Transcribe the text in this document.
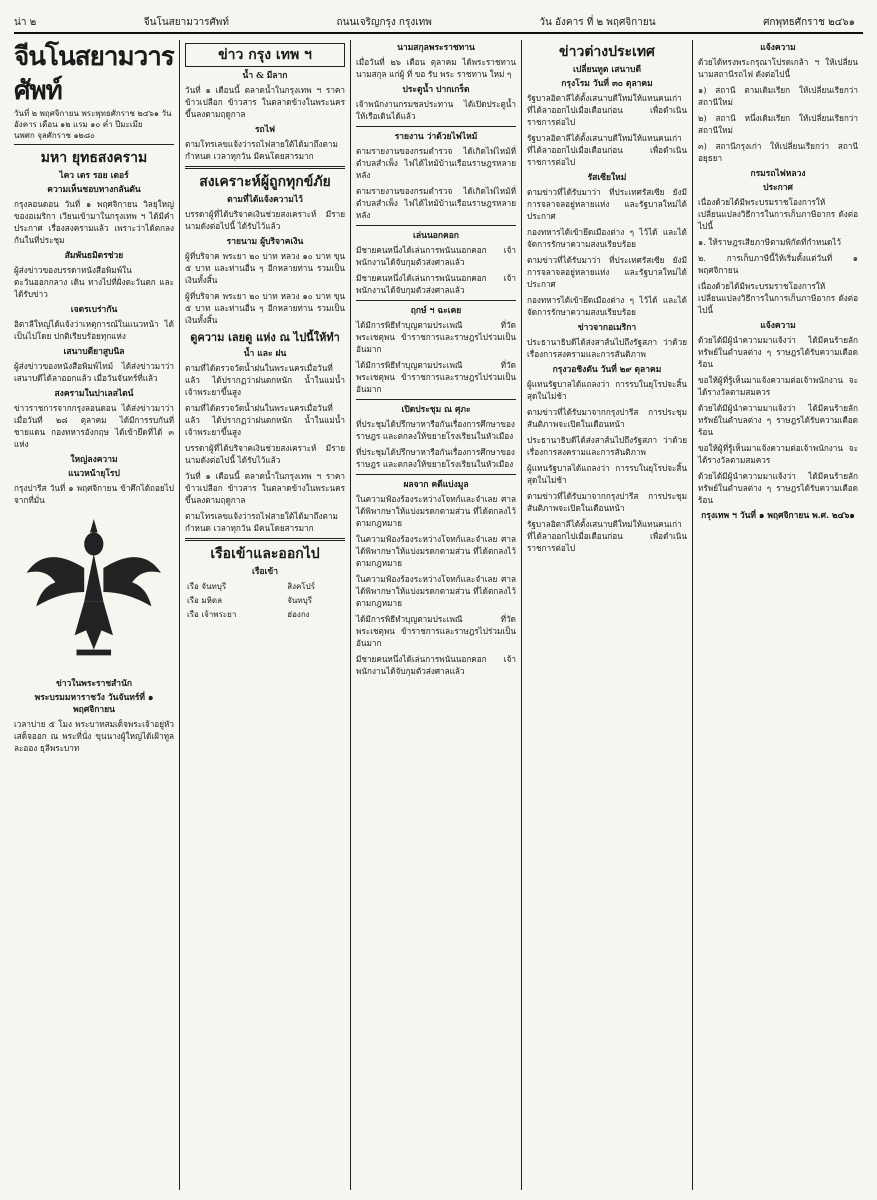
น่า ๒	จีนโนสยามวารศัพท์	ถนนเจริญกรุง กรุงเทพ	วัน อังคาร ที่ ๒ พฤศจิกายน	ศกพุทธศักราช ๒๔๖๑
จีนโนสยามวารศัพท์
วันที่ ๒ พฤศจิกายน พระพุทธศักราช ๒๔๖๑ วัน อังคาร เดือน ๑๒ แรม ๑๐ ค่ำ ปีมะเมีย
นพศก จุลศักราช ๑๒๘๐
มหา ยุทธสงคราม
ไคว เตร รอย เตอร์
ความเห็นชอบทางกลันตัน

กรุงลอนดอน วันที่ ๑ พฤศจิกายน วิลยุใหญ่ของอเมริกา เวียนเข้ามาในกรุงเทพ ฯ ได้มีคำประกาศ เรื่องสงครามแล้ว เพราะว่าได้ตกลงกันในที่ประชุม

สัมพันธมิตรช่วย

ผู้ส่งข่าวของบรรดาหนังสือพิมพ์ในตะวันออกกลาง เดิน ทางไปที่ฝั่งตะวันตก และได้รับข่าว

เจดรเบร่ากัน

อิตาลีใหญ่ได้แจ้งว่าเหตุการณ์ในแนวหน้า ได้เป็นไปโดย ปกติเรียบร้อยทุกแห่ง

เสนาบดียาสูบนิล

ผู้ส่งข่าวของหนังสือพิมพ์ไทม์ ได้ส่งข่าวมาว่า เสนาบดีได้ลาออกแล้ว เมื่อวันจันทร์ที่แล้ว

สงครามในปาเลสไตน์

ข่าวราชการจากกรุงลอนดอน ได้ส่งข่าวมาว่า เมื่อวันที่ ๒๘ ตุลาคม ได้มีการรบกันที่ ชายแดน กองทหารอังกฤษ ได้เข้ายึดที่ได้ ๓ แห่ง

ใหญ่ลงความ
แนวหน้ายุโรป

กรุงปารีส วันที่ ๑ พฤศจิกายน ข้าศึกได้ถอยไปจากที่มั่น

ข่าวในพระราชสำนัก
พระบรมมหาราชวัง วันจันทร์ที่ ๑ พฤศจิกายน

เวลาบ่าย ๕ โมง พระบาทสมเด็จพระเจ้าอยู่หัว เสด็จออก ณ พระที่นั่ง ขุนนางผู้ใหญ่ได้เฝ้าทูลละออง ธุลีพระบาท

ข่าว กรุง เทพ ฯ
น้ำ & มีลาก

วันที่ ๑ เดือนนี้ ตลาดน้ำในกรุงเทพ ฯ ราคาข้าวเปลือก ข้าวสาร ในตลาดข้างในพระนคร ขึ้นลงตามฤดูกาล

รถไฟ

ตามโทรเลขแจ้งว่ารถไฟสายใต้ได้มาถึงตามกำหนด เวลาทุกวัน มีคนโดยสารมาก

สงเคราะห์ผู้ถูกทุกข์ภัย
ตามที่ได้แจ้งความไว้

บรรดาผู้ที่ได้บริจาคเงินช่วยสงเคราะห์ มีรายนามดังต่อไปนี้ ได้รับไว้แล้ว

รายนาม ผู้บริจาคเงิน

ผู้ที่บริจาค พระยา ๒๐ บาท หลวง ๑๐ บาท ขุน ๕ บาท และท่านอื่น ๆ อีกหลายท่าน รวมเป็นเงินทั้งสิ้น

ผู้ที่บริจาค พระยา ๒๐ บาท หลวง ๑๐ บาท ขุน ๕ บาท และท่านอื่น ๆ อีกหลายท่าน รวมเป็นเงินทั้งสิ้น

ดูความ เลยดู แห่ง ณ ไปนี้ให้ทำ
น้ำ และ ฝน

ตามที่ได้ตรวจวัดน้ำฝนในพระนครเมื่อวันที่แล้ว ได้ปรากฏว่าฝนตกหนัก น้ำในแม่น้ำเจ้าพระยาขึ้นสูง

ตามที่ได้ตรวจวัดน้ำฝนในพระนครเมื่อวันที่แล้ว ได้ปรากฏว่าฝนตกหนัก น้ำในแม่น้ำเจ้าพระยาขึ้นสูง

บรรดาผู้ที่ได้บริจาคเงินช่วยสงเคราะห์ มีรายนามดังต่อไปนี้ ได้รับไว้แล้ว

วันที่ ๑ เดือนนี้ ตลาดน้ำในกรุงเทพ ฯ ราคาข้าวเปลือก ข้าวสาร ในตลาดข้างในพระนคร ขึ้นลงตามฤดูกาล

ตามโทรเลขแจ้งว่ารถไฟสายใต้ได้มาถึงตามกำหนด เวลาทุกวัน มีคนโดยสารมาก

เรือเข้าและออกไป
เรือเข้า
เรือ จันทบุรี	สิงคโปร์
เรือ มหิดล	จันทบุรี
เรือ เจ้าพระยา	ฮ่องกง
นามสกุลพระราชทาน

เมื่อวันที่ ๒๖ เดือน ตุลาคม ได้พระราชทาน นามสกุล แก่ผู้ ที่ ขอ รับ พระ ราชทาน ใหม่ ๆ

ประตูน้ำ ปากเกร็ด

เจ้าพนักงานกรมชลประทาน ได้เปิดประตูน้ำให้เรือเดินได้แล้ว

รายงาน ว่าด้วยไฟไหม้

ตามรายงานของกรมตำรวจ ได้เกิดไฟไหม้ที่ตำบลสำเพ็ง ไฟได้ไหม้บ้านเรือนราษฎรหลายหลัง

ตามรายงานของกรมตำรวจ ได้เกิดไฟไหม้ที่ตำบลสำเพ็ง ไฟได้ไหม้บ้านเรือนราษฎรหลายหลัง

เล่นนอกคอก

มีชายคนหนึ่งได้เล่นการพนันนอกคอก เจ้าพนักงานได้จับกุมตัวส่งศาลแล้ว

มีชายคนหนึ่งได้เล่นการพนันนอกคอก เจ้าพนักงานได้จับกุมตัวส่งศาลแล้ว

ฤกษ์ ฯ ฉะเคย

ได้มีการพิธีทำบุญตามประเพณี ที่วัดพระเชตุพน ข้าราชการและราษฎรไปร่วมเป็นอันมาก

ได้มีการพิธีทำบุญตามประเพณี ที่วัดพระเชตุพน ข้าราชการและราษฎรไปร่วมเป็นอันมาก

เปิดประชุม ณ ศุภะ

ที่ประชุมได้ปรึกษาหารือกันเรื่องการศึกษาของราษฎร และตกลงให้ขยายโรงเรียนในหัวเมือง

ที่ประชุมได้ปรึกษาหารือกันเรื่องการศึกษาของราษฎร และตกลงให้ขยายโรงเรียนในหัวเมือง

ผลจาก คดีแบ่งมูล

ในความฟ้องร้องระหว่างโจทก์และจำเลย ศาลได้พิพากษาให้แบ่งมรดกตามส่วน ที่ได้ตกลงไว้ ตามกฎหมาย

ในความฟ้องร้องระหว่างโจทก์และจำเลย ศาลได้พิพากษาให้แบ่งมรดกตามส่วน ที่ได้ตกลงไว้ ตามกฎหมาย

ในความฟ้องร้องระหว่างโจทก์และจำเลย ศาลได้พิพากษาให้แบ่งมรดกตามส่วน ที่ได้ตกลงไว้ ตามกฎหมาย

ได้มีการพิธีทำบุญตามประเพณี ที่วัดพระเชตุพน ข้าราชการและราษฎรไปร่วมเป็นอันมาก

มีชายคนหนึ่งได้เล่นการพนันนอกคอก เจ้าพนักงานได้จับกุมตัวส่งศาลแล้ว

ข่าวต่างประเทศ
เปลี่ยนทูต เสนาบดี
กรุงโรม วันที่ ๓๐ ตุลาคม

รัฐบาลอิตาลีได้ตั้งเสนาบดีใหม่ให้แทนคนเก่า ที่ได้ลาออกไปเมื่อเดือนก่อน เพื่อดำเนินราชการต่อไป

รัฐบาลอิตาลีได้ตั้งเสนาบดีใหม่ให้แทนคนเก่า ที่ได้ลาออกไปเมื่อเดือนก่อน เพื่อดำเนินราชการต่อไป

รัสเซียใหม่

ตามข่าวที่ได้รับมาว่า ที่ประเทศรัสเซีย ยังมีการจลาจลอยู่หลายแห่ง และรัฐบาลใหม่ได้ประกาศ

กองทหารได้เข้ายึดเมืองต่าง ๆ ไว้ได้ และได้จัดการรักษาความสงบเรียบร้อย

ตามข่าวที่ได้รับมาว่า ที่ประเทศรัสเซีย ยังมีการจลาจลอยู่หลายแห่ง และรัฐบาลใหม่ได้ประกาศ

กองทหารได้เข้ายึดเมืองต่าง ๆ ไว้ได้ และได้จัดการรักษาความสงบเรียบร้อย

ข่าวจากอเมริกา

ประธานาธิบดีได้ส่งสาส์นไปถึงรัฐสภา ว่าด้วยเรื่องการสงครามและการสันติภาพ

กรุงวอชิงตัน วันที่ ๒๙ ตุลาคม

ผู้แทนรัฐบาลได้แถลงว่า การรบในยุโรปจะสิ้นสุดในไม่ช้า

ตามข่าวที่ได้รับมาจากกรุงปารีส การประชุมสันติภาพจะเปิดในเดือนหน้า

ประธานาธิบดีได้ส่งสาส์นไปถึงรัฐสภา ว่าด้วยเรื่องการสงครามและการสันติภาพ

ผู้แทนรัฐบาลได้แถลงว่า การรบในยุโรปจะสิ้นสุดในไม่ช้า

ตามข่าวที่ได้รับมาจากกรุงปารีส การประชุมสันติภาพจะเปิดในเดือนหน้า

รัฐบาลอิตาลีได้ตั้งเสนาบดีใหม่ให้แทนคนเก่า ที่ได้ลาออกไปเมื่อเดือนก่อน เพื่อดำเนินราชการต่อไป

แจ้งความ

ด้วยได้ทรงพระกรุณาโปรดเกล้า ฯ ให้เปลี่ยนนามสถานีรถไฟ ดังต่อไปนี้

๑) สถานี ตามเดิมเรียก ให้เปลี่ยนเรียกว่า สถานีใหม่

๒) สถานี หนึ่งเดิมเรียก ให้เปลี่ยนเรียกว่า สถานีใหม่

๓) สถานีกรุงเก่า ให้เปลี่ยนเรียกว่า สถานีอยุธยา

กรมรถไฟหลวง
ประกาศ

เนื่องด้วยได้มีพระบรมราชโองการให้เปลี่ยนแปลงวิธีการในการเก็บภาษีอากร ดังต่อไปนี้

๑. ให้ราษฎรเสียภาษีตามพิกัดที่กำหนดไว้

๒. การเก็บภาษีนี้ให้เริ่มตั้งแต่วันที่ ๑ พฤศจิกายน

เนื่องด้วยได้มีพระบรมราชโองการให้เปลี่ยนแปลงวิธีการในการเก็บภาษีอากร ดังต่อไปนี้

แจ้งความ

ด้วยได้มีผู้นำความมาแจ้งว่า ได้มีคนร้ายลักทรัพย์ในตำบลต่าง ๆ ราษฎรได้รับความเดือดร้อน

ขอให้ผู้ที่รู้เห็นมาแจ้งความต่อเจ้าพนักงาน จะได้รางวัลตามสมควร

ด้วยได้มีผู้นำความมาแจ้งว่า ได้มีคนร้ายลักทรัพย์ในตำบลต่าง ๆ ราษฎรได้รับความเดือดร้อน

ขอให้ผู้ที่รู้เห็นมาแจ้งความต่อเจ้าพนักงาน จะได้รางวัลตามสมควร

ด้วยได้มีผู้นำความมาแจ้งว่า ได้มีคนร้ายลักทรัพย์ในตำบลต่าง ๆ ราษฎรได้รับความเดือดร้อน

กรุงเทพ ฯ วันที่ ๑ พฤศจิกายน พ.ศ. ๒๔๖๑
